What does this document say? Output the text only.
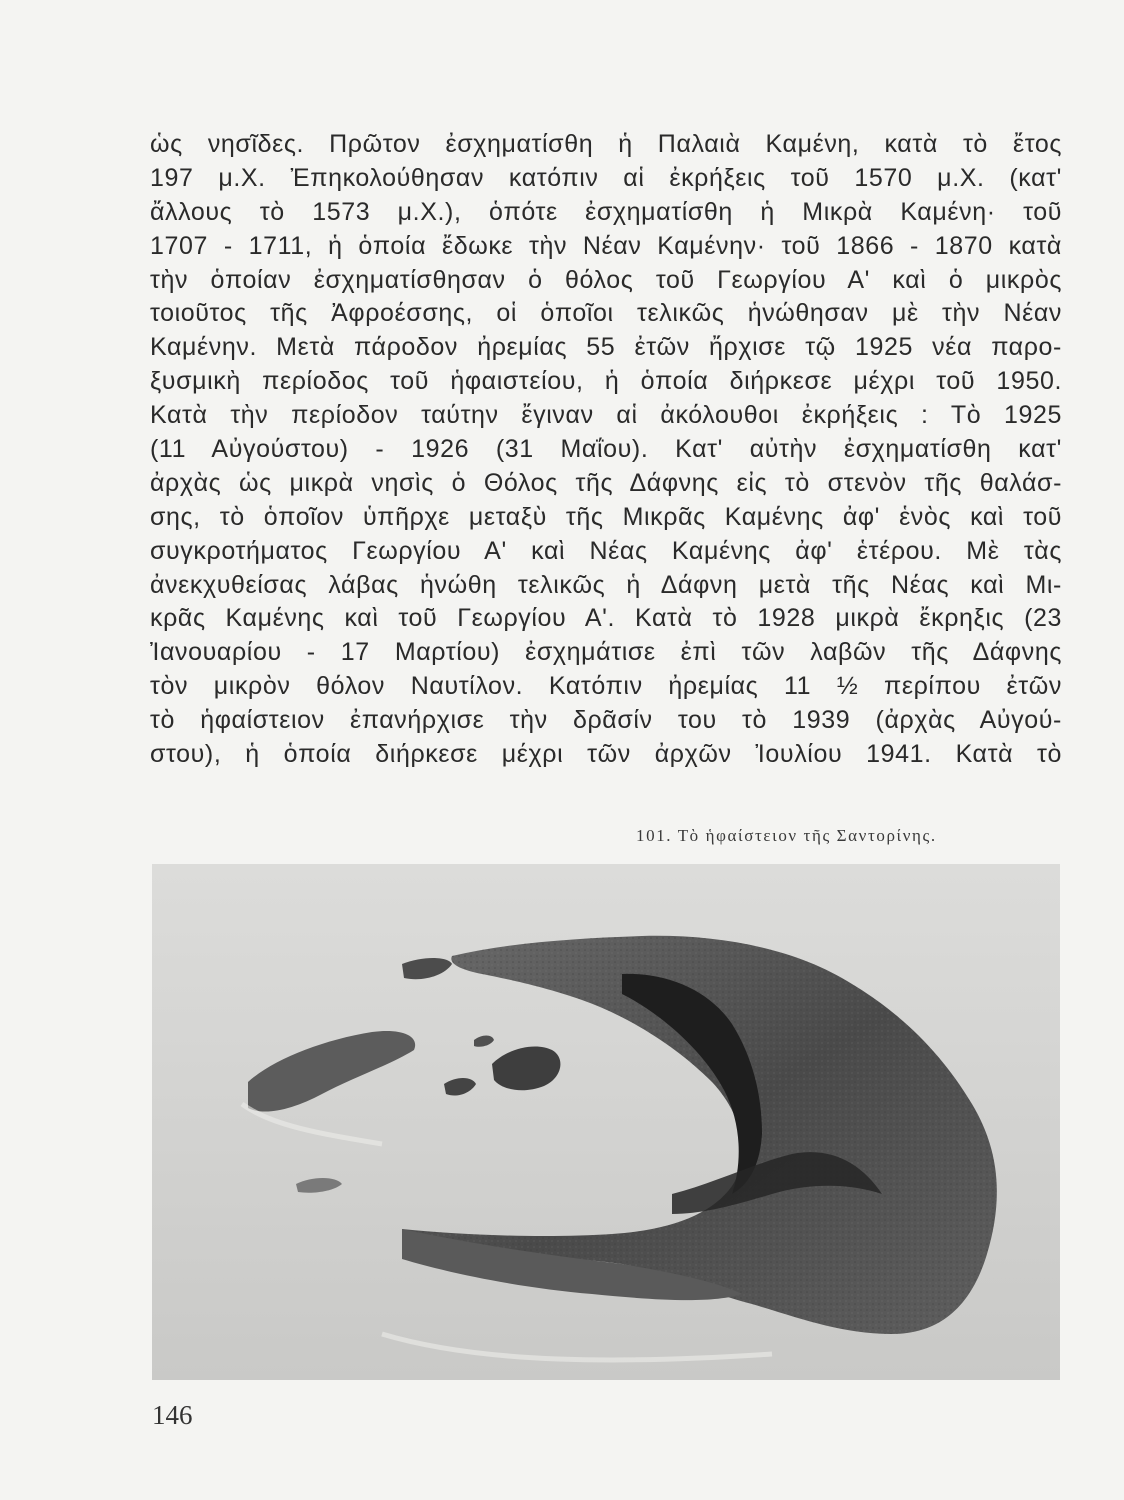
ὡς νησῖδες. Πρῶτον ἐσχηματίσθη ἡ Παλαιὰ Καμένη, κατὰ τὸ ἔτος
197 μ.Χ. Ἐπηκολούθησαν κατόπιν αἱ ἐκρήξεις τοῦ 1570 μ.Χ. (κατ'
ἄλλους τὸ 1573 μ.Χ.), ὁπότε ἐσχηματίσθη ἡ Μικρὰ Καμένη· τοῦ
1707 - 1711, ἡ ὁποία ἔδωκε τὴν Νέαν Καμένην· τοῦ 1866 - 1870 κατὰ
τὴν ὁποίαν ἐσχηματίσθησαν ὁ θόλος τοῦ Γεωργίου Α' καὶ ὁ μικρὸς
τοιοῦτος τῆς Ἀφροέσσης, οἱ ὁποῖοι τελικῶς ἡνώθησαν μὲ τὴν Νέαν
Καμένην. Μετὰ πάροδον ἠρεμίας 55 ἐτῶν ἤρχισε τῷ 1925 νέα παρο-
ξυσμικὴ περίοδος τοῦ ἡφαιστείου, ἡ ὁποία διήρκεσε μέχρι τοῦ 1950.
Κατὰ τὴν περίοδον ταύτην ἔγιναν αἱ ἀκόλουθοι ἐκρήξεις : Τὸ 1925
(11 Αὐγούστου) - 1926 (31 Μαΐου). Κατ' αὐτὴν ἐσχηματίσθη κατ'
ἀρχὰς ὡς μικρὰ νησὶς ὁ Θόλος τῆς Δάφνης εἰς τὸ στενὸν τῆς θαλάσ-
σης, τὸ ὁποῖον ὑπῆρχε μεταξὺ τῆς Μικρᾶς Καμένης ἀφ' ἑνὸς καὶ τοῦ
συγκροτήματος Γεωργίου Α' καὶ Νέας Καμένης ἀφ' ἑτέρου. Μὲ τὰς
ἀνεκχυθείσας λάβας ἡνώθη τελικῶς ἡ Δάφνη μετὰ τῆς Νέας καὶ Μι-
κρᾶς Καμένης καὶ τοῦ Γεωργίου Α'. Κατὰ τὸ 1928 μικρὰ ἔκρηξις (23
Ἰανουαρίου - 17 Μαρτίου) ἐσχημάτισε ἐπὶ τῶν λαβῶν τῆς Δάφνης
τὸν μικρὸν θόλον Ναυτίλον. Κατόπιν ἠρεμίας 11 ½ περίπου ἐτῶν
τὸ ἡφαίστειον ἐπανήρχισε τὴν δρᾶσίν του τὸ 1939 (ἀρχὰς Αὐγού-
στου), ἡ ὁποία διήρκεσε μέχρι τῶν ἀρχῶν Ἰουλίου 1941. Κατὰ τὸ
101. Τὸ ἡφαίστειον τῆς Σαντορίνης.
146
